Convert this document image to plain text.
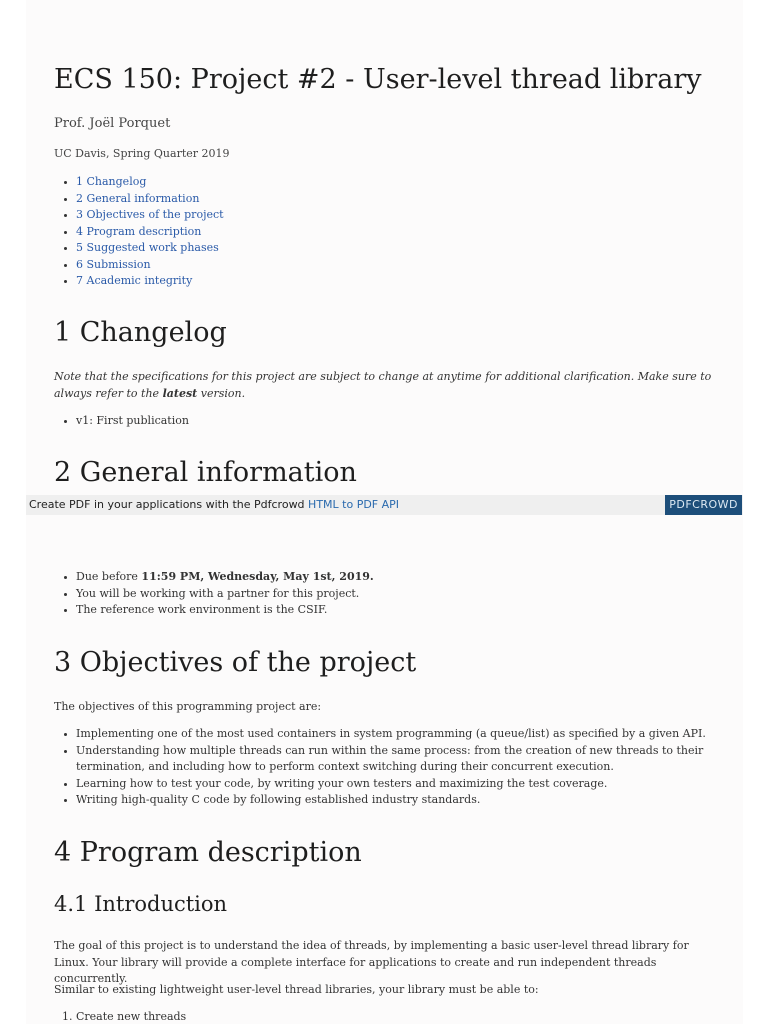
ECS 150: Project #2 - User-level thread library
Prof. Joël Porquet
UC Davis, Spring Quarter 2019
• 1 Changelog
• 2 General information
• 3 Objectives of the project
• 4 Program description
• 5 Suggested work phases
• 6 Submission
• 7 Academic integrity
1 Changelog

Note that the specifications for this project are subject to change at anytime for additional clarification. Make sure to always refer to the latest version.

• v1: First publication
2 General information
Create PDF in your applications with the Pdfcrowd HTML to PDF API	PDFCROWD
• Due before 11:59 PM, Wednesday, May 1st, 2019.
• You will be working with a partner for this project.
• The reference work environment is the CSIF.
3 Objectives of the project

The objectives of this programming project are:

• Implementing one of the most used containers in system programming (a queue/list) as specified by a given API.
• Understanding how multiple threads can run within the same process: from the creation of new threads to their termination, and including how to perform context switching during their concurrent execution.
• Learning how to test your code, by writing your own testers and maximizing the test coverage.
• Writing high-quality C code by following established industry standards.
4 Program description
4.1 Introduction

The goal of this project is to understand the idea of threads, by implementing a basic user-level thread library for Linux. Your library will provide a complete interface for applications to create and run independent threads concurrently.

Similar to existing lightweight user-level thread libraries, your library must be able to:

1. Create new threads
